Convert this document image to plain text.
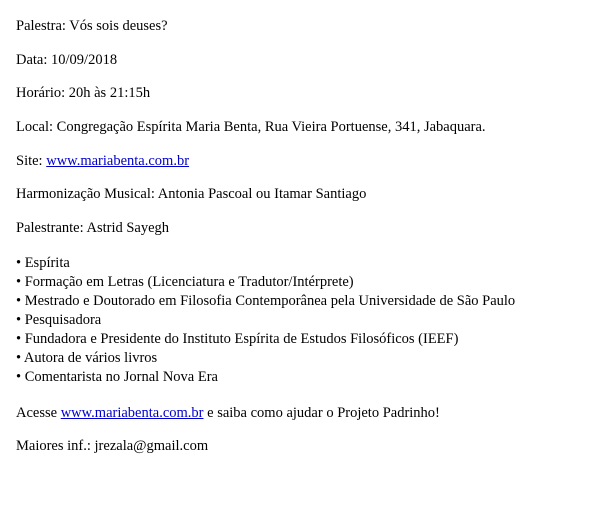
Palestra: Vós sois deuses?

Data: 10/09/2018

Horário: 20h às 21:15h

Local: Congregação Espírita Maria Benta, Rua Vieira Portuense, 341, Jabaquara.

Site: www.mariabenta.com.br

Harmonização Musical: Antonia Pascoal ou Itamar Santiago

Palestrante: Astrid Sayegh

• Espírita

• Formação em Letras (Licenciatura e Tradutor/Intérprete)

• Mestrado e Doutorado em Filosofia Contemporânea pela Universidade de São Paulo

• Pesquisadora

• Fundadora e Presidente do Instituto Espírita de Estudos Filosóficos (IEEF)

• Autora de vários livros

• Comentarista no Jornal Nova Era

Acesse www.mariabenta.com.br e saiba como ajudar o Projeto Padrinho!

Maiores inf.: jrezala@gmail.com
